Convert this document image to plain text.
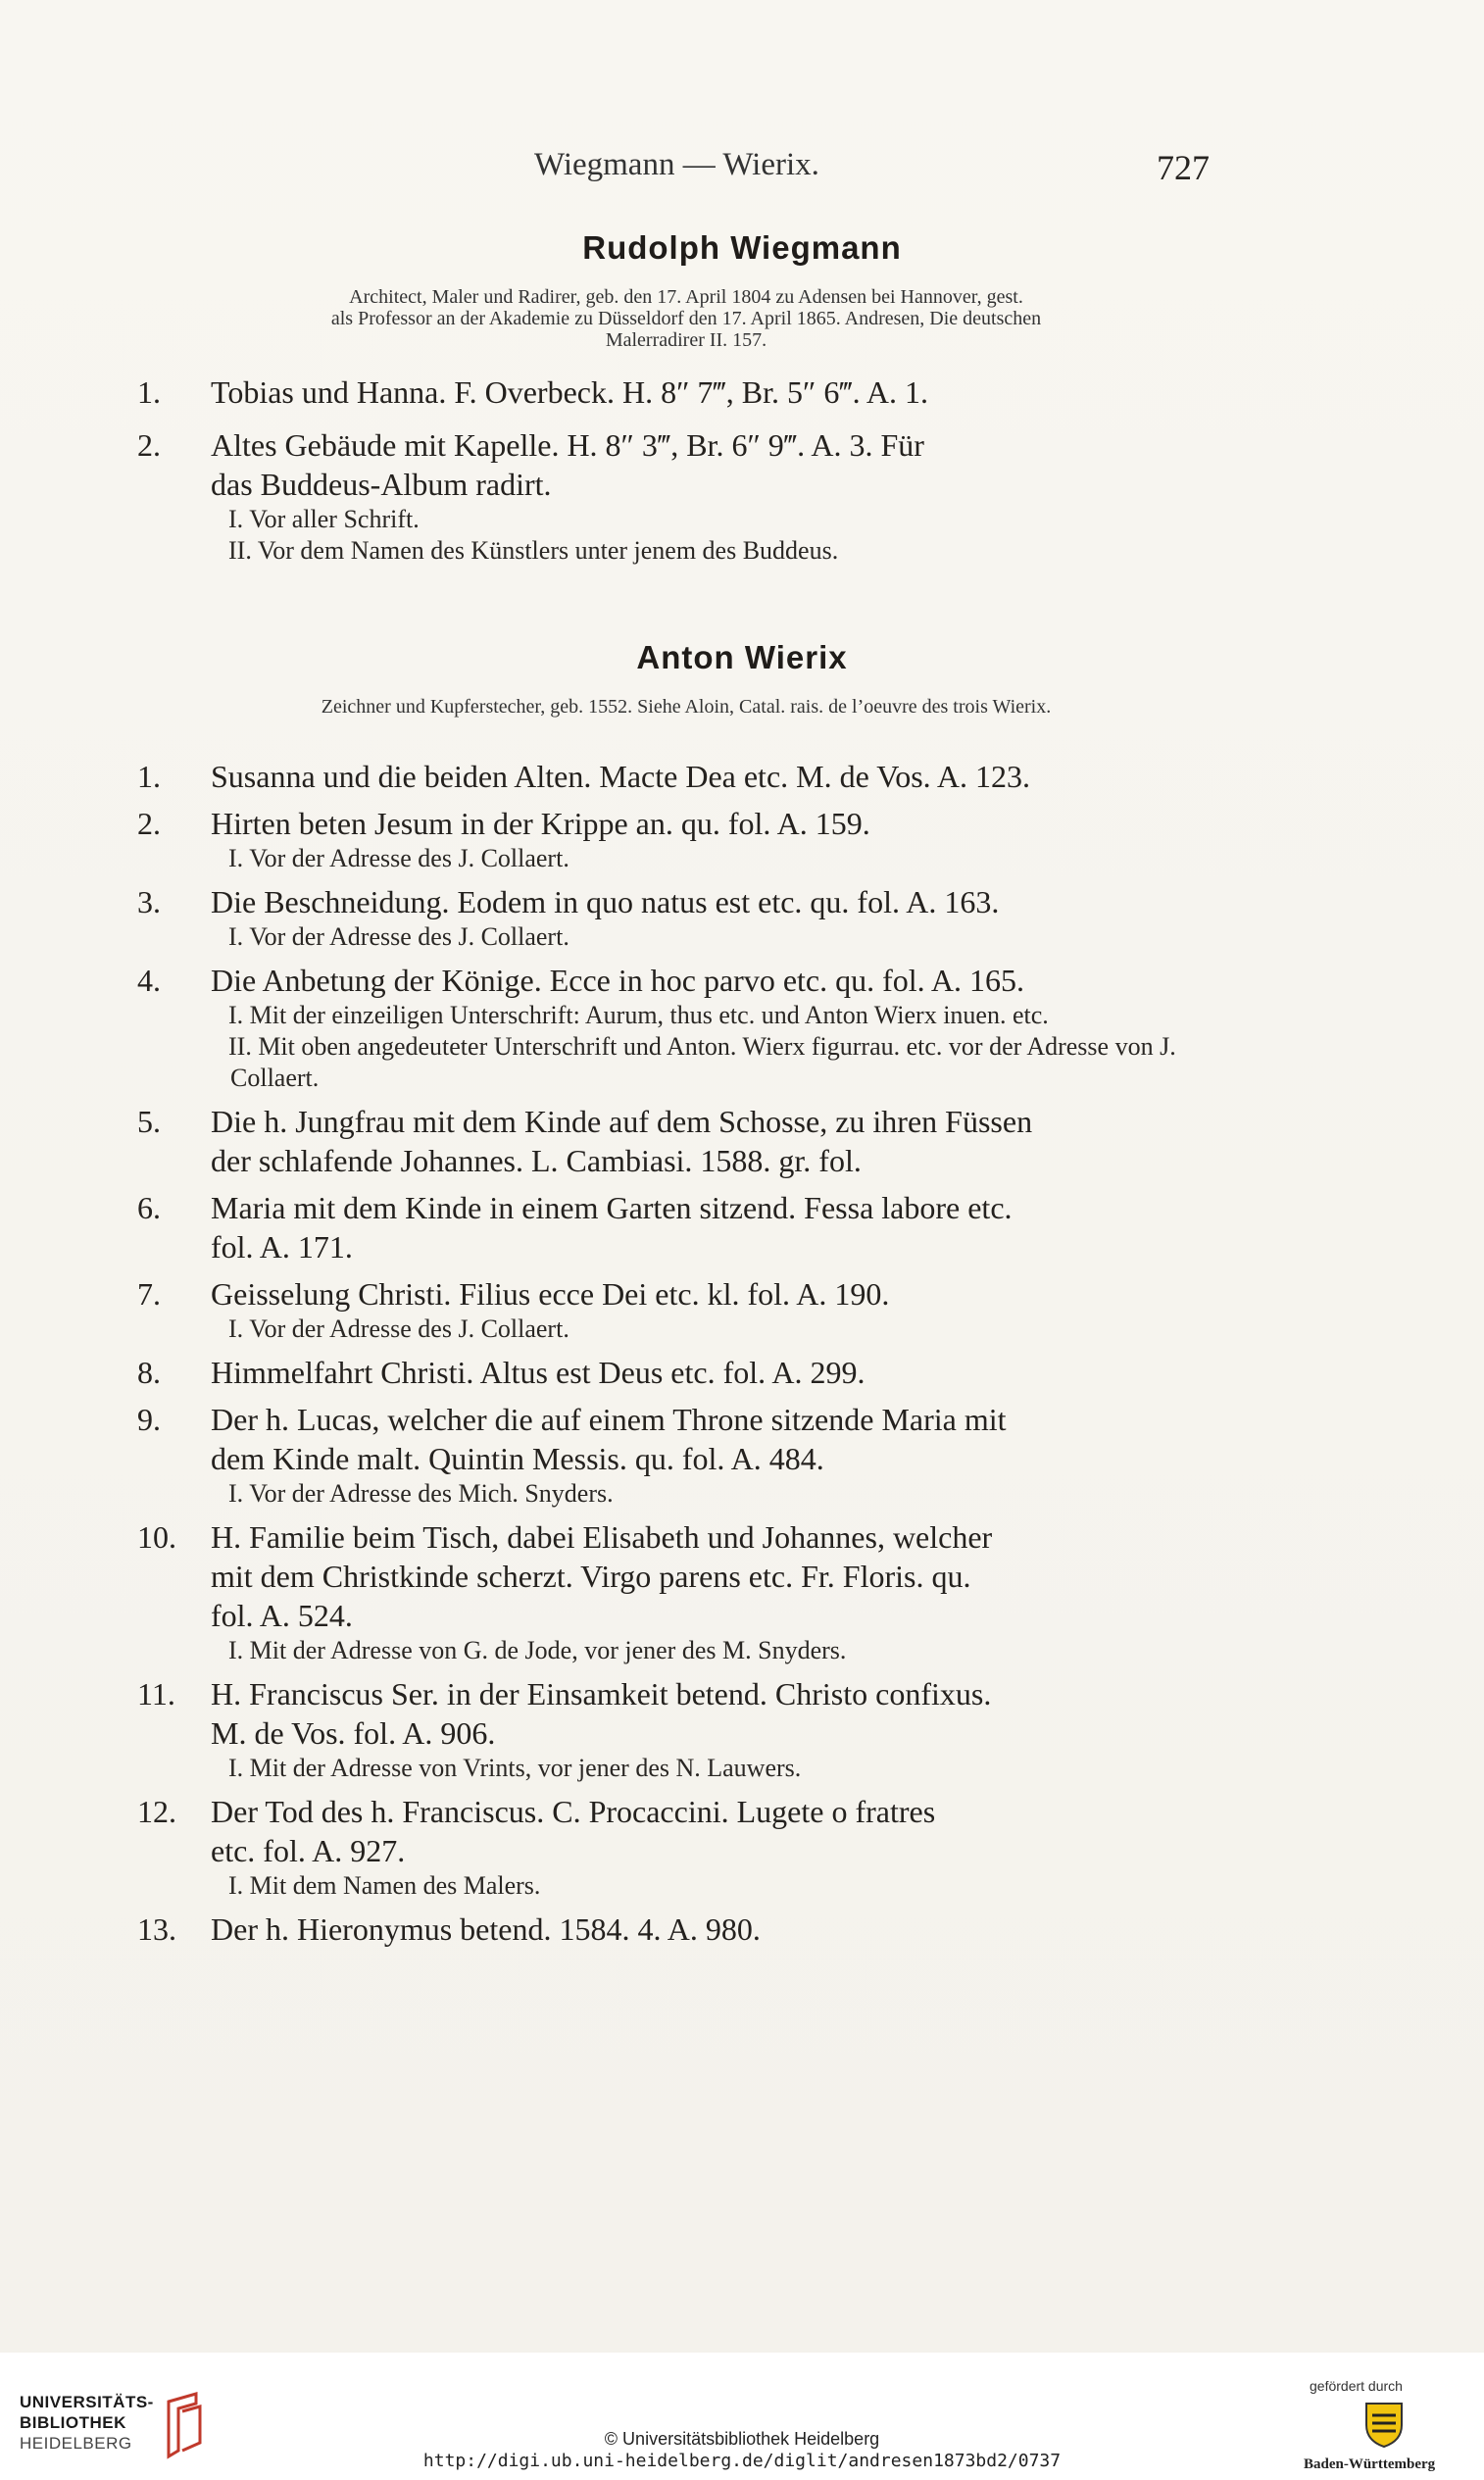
Wiegmann — Wierix.	727
Rudolph Wiegmann
Architect, Maler und Radirer, geb. den 17. April 1804 zu Adensen bei Hannover, gest.
als Professor an der Akademie zu Düsseldorf den 17. April 1865. Andresen, Die deutschen
Malerradirer II. 157.
1. Tobias und Hanna. F. Overbeck. H. 8″ 7‴, Br. 5″ 6‴. A. 1.
2. Altes Gebäude mit Kapelle. H. 8″ 3‴, Br. 6″ 9‴. A. 3. Für
das Buddeus-Album radirt.
I. Vor aller Schrift.
II. Vor dem Namen des Künstlers unter jenem des Buddeus.
Anton Wierix
Zeichner und Kupferstecher, geb. 1552. Siehe Aloin, Catal. rais. de l’oeuvre des trois Wierix.
1. Susanna und die beiden Alten. Macte Dea etc. M. de Vos. A. 123.
2. Hirten beten Jesum in der Krippe an. qu. fol. A. 159.
I. Vor der Adresse des J. Collaert.
3. Die Beschneidung. Eodem in quo natus est etc. qu. fol. A. 163.
I. Vor der Adresse des J. Collaert.
4. Die Anbetung der Könige. Ecce in hoc parvo etc. qu. fol. A. 165.
I. Mit der einzeiligen Unterschrift: Aurum, thus etc. und Anton Wierx inuen. etc.
II. Mit oben angedeuteter Unterschrift und Anton. Wierx figurrau. etc. vor der Adresse von J. Collaert.
5. Die h. Jungfrau mit dem Kinde auf dem Schosse, zu ihren Füssen
der schlafende Johannes. L. Cambiasi. 1588. gr. fol.
6. Maria mit dem Kinde in einem Garten sitzend. Fessa labore etc.
fol. A. 171.
7. Geisselung Christi. Filius ecce Dei etc. kl. fol. A. 190.
I. Vor der Adresse des J. Collaert.
8. Himmelfahrt Christi. Altus est Deus etc. fol. A. 299.
9. Der h. Lucas, welcher die auf einem Throne sitzende Maria mit
dem Kinde malt. Quintin Messis. qu. fol. A. 484.
I. Vor der Adresse des Mich. Snyders.
10. H. Familie beim Tisch, dabei Elisabeth und Johannes, welcher
mit dem Christkinde scherzt. Virgo parens etc. Fr. Floris. qu.
fol. A. 524.
I. Mit der Adresse von G. de Jode, vor jener des M. Snyders.
11. H. Franciscus Ser. in der Einsamkeit betend. Christo confixus.
M. de Vos. fol. A. 906.
I. Mit der Adresse von Vrints, vor jener des N. Lauwers.
12. Der Tod des h. Franciscus. C. Procaccini. Lugete o fratres
etc. fol. A. 927.
I. Mit dem Namen des Malers.
13. Der h. Hieronymus betend. 1584. 4. A. 980.
UNIVERSITÄTS-
BIBLIOTHEK
HEIDELBERG	© Universitätsbibliothek Heidelberg
http://digi.ub.uni-heidelberg.de/diglit/andresen1873bd2/0737
gefördert durch
Baden-Württemberg
